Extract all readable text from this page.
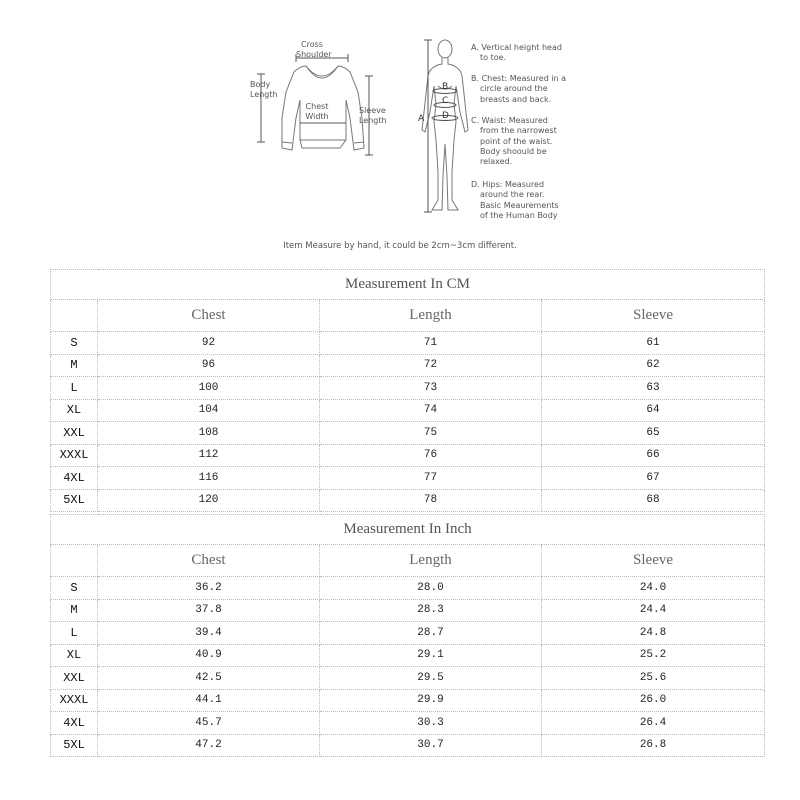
Cross
Shoulder
Body
Length
Chest
Width
Sleeve
Length	A
B
C
D
A. Vertical height head
to toe.
B. Chest: Measured in a
circle around the
breasts and back.
C. Waist: Measured
from the narrowest
point of the waist.
Body shoould be
relaxed.
D. Hips: Measured
around the rear.
Basic Meaurements
of the Human Body
Item Measure by hand, it could be 2cm~3cm different.
Measurement In CM			
	Chest	Length	Sleeve
S	92	71	61
M	96	72	62
L	100	73	63
XL	104	74	64
XXL	108	75	65
XXXL	112	76	66
4XL	116	77	67
5XL	120	78	68
Measurement In Inch			
	Chest	Length	Sleeve
S	36.2	28.0	24.0
M	37.8	28.3	24.4
L	39.4	28.7	24.8
XL	40.9	29.1	25.2
XXL	42.5	29.5	25.6
XXXL	44.1	29.9	26.0
4XL	45.7	30.3	26.4
5XL	47.2	30.7	26.8
